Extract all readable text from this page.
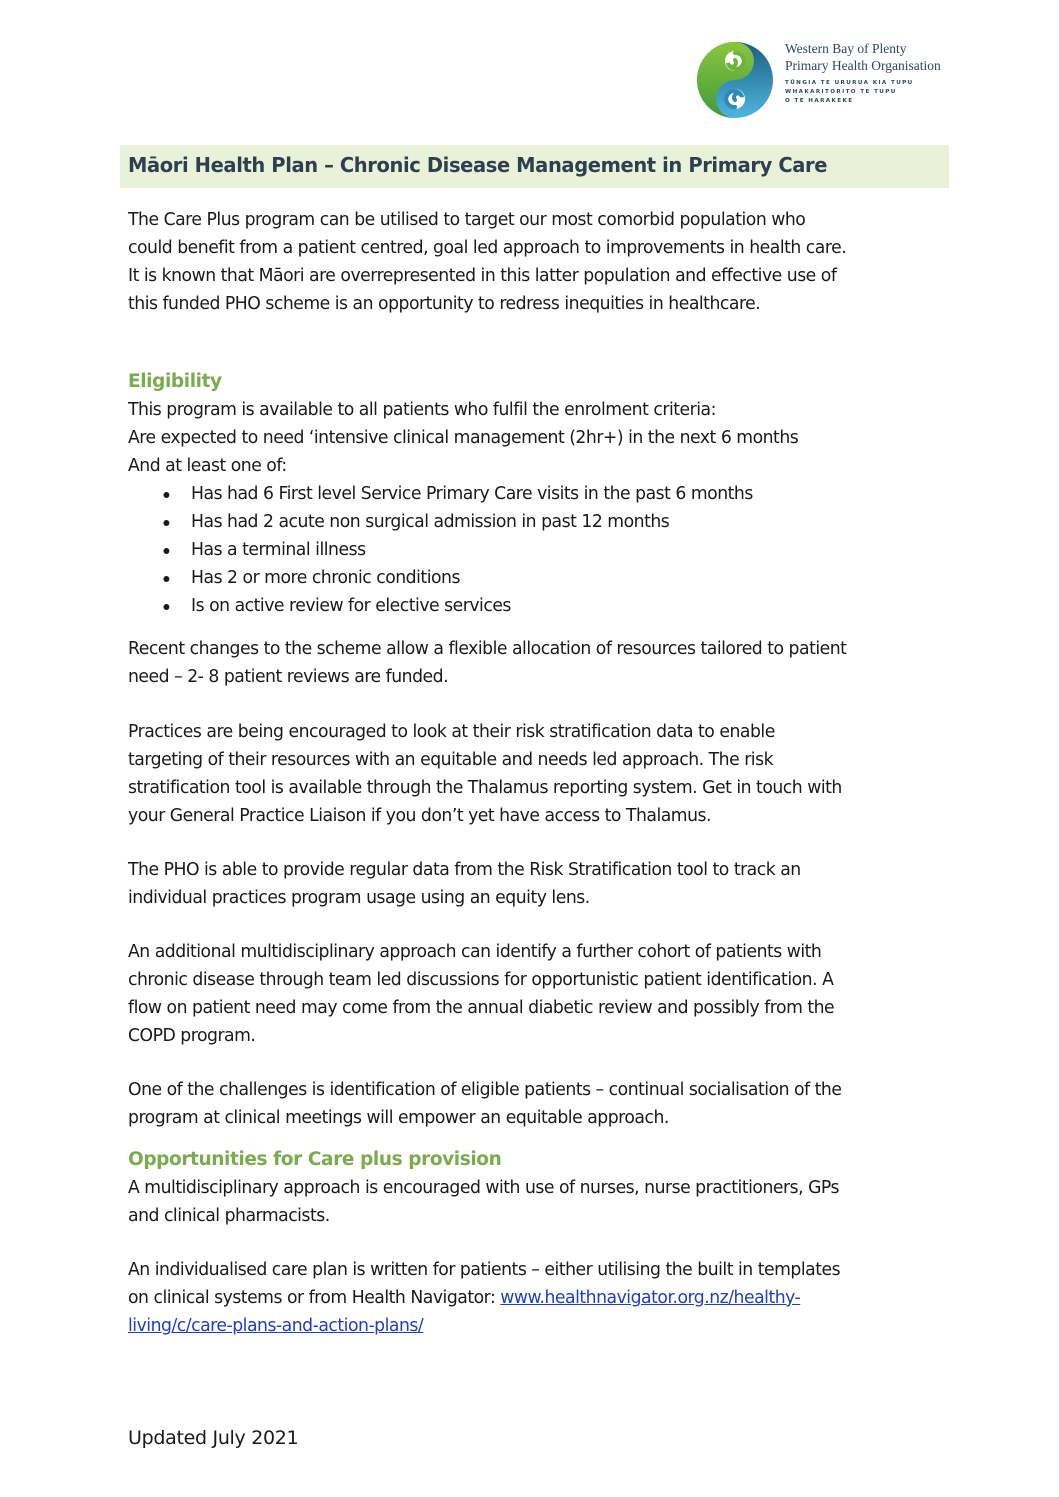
Western Bay of Plenty
Primary Health Organisation
TŪNGIA TE URURUA KIA TUPU
WHAKARITORITO TE TUPU
O TE HARAKEKE
Māori Health Plan – Chronic Disease Management in Primary Care

The Care Plus program can be utilised to target our most comorbid population who

could benefit from a patient centred, goal led approach to improvements in health care.

It is known that Māori are overrepresented in this latter population and effective use of

this funded PHO scheme is an opportunity to redress inequities in healthcare.

Eligibility

This program is available to all patients who fulfil the enrolment criteria:

Are expected to need ‘intensive clinical management (2hr+) in the next 6 months

And at least one of:

Has had 6 First level Service Primary Care visits in the past 6 months
Has had 2 acute non surgical admission in past 12 months
Has a terminal illness
Has 2 or more chronic conditions
Is on active review for elective services

Recent changes to the scheme allow a flexible allocation of resources tailored to patient

need – 2- 8 patient reviews are funded.

Practices are being encouraged to look at their risk stratification data to enable

targeting of their resources with an equitable and needs led approach. The risk

stratification tool is available through the Thalamus reporting system. Get in touch with

your General Practice Liaison if you don’t yet have access to Thalamus.

The PHO is able to provide regular data from the Risk Stratification tool to track an

individual practices program usage using an equity lens.

An additional multidisciplinary approach can identify a further cohort of patients with

chronic disease through team led discussions for opportunistic patient identification. A

flow on patient need may come from the annual diabetic review and possibly from the

COPD program.

One of the challenges is identification of eligible patients – continual socialisation of the

program at clinical meetings will empower an equitable approach.

Opportunities for Care plus provision

A multidisciplinary approach is encouraged with use of nurses, nurse practitioners, GPs

and clinical pharmacists.

An individualised care plan is written for patients – either utilising the built in templates

on clinical systems or from Health Navigator: www.healthnavigator.org.nz/healthy-

living/c/care-plans-and-action-plans/

Updated July 2021
